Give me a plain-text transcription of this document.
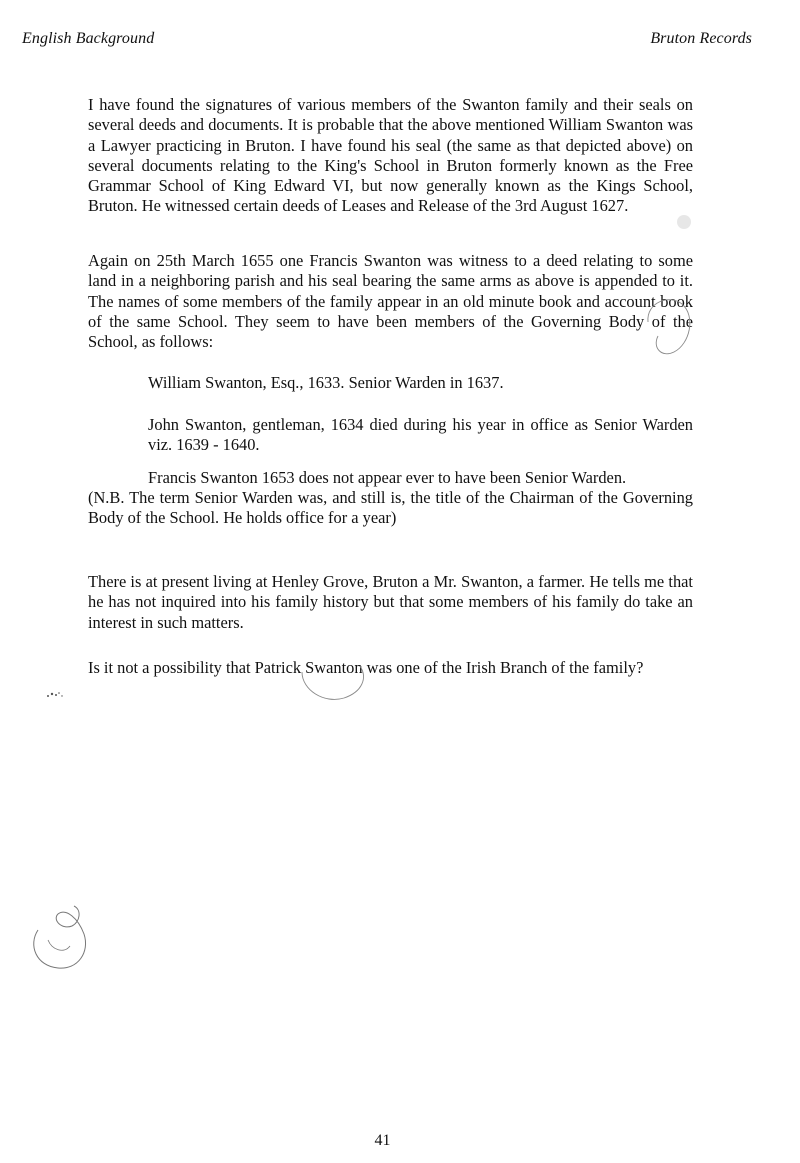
English Background	Bruton Records

I have found the signatures of various members of the Swanton family and their seals on several deeds and documents. It is probable that the above mentioned William Swanton was a Lawyer practicing in Bruton. I have found his seal (the same as that depicted above) on several documents relating to the King's School in Bruton formerly known as the Free Grammar School of King Edward VI, but now generally known as the Kings School, Bruton. He witnessed certain deeds of Leases and Release of the 3rd August 1627.

Again on 25th March 1655 one Francis Swanton was witness to a deed relating to some land in a neighboring parish and his seal bearing the same arms as above is appended to it. The names of some members of the family appear in an old minute book and account book of the same School. They seem to have been members of the Governing Body of the School, as follows:

William Swanton, Esq., 1633. Senior Warden in 1637.

John Swanton, gentleman, 1634 died during his year in office as Senior Warden viz. 1639 - 1640.

Francis Swanton 1653 does not appear ever to have been Senior Warden.

(N.B. The term Senior Warden was, and still is, the title of the Chairman of the Governing Body of the School. He holds office for a year)

There is at present living at Henley Grove, Bruton a Mr. Swanton, a farmer. He tells me that he has not inquired into his family history but that some members of his family do take an interest in such matters.

Is it not a possibility that Patrick Swanton was one of the Irish Branch of the family?

41
